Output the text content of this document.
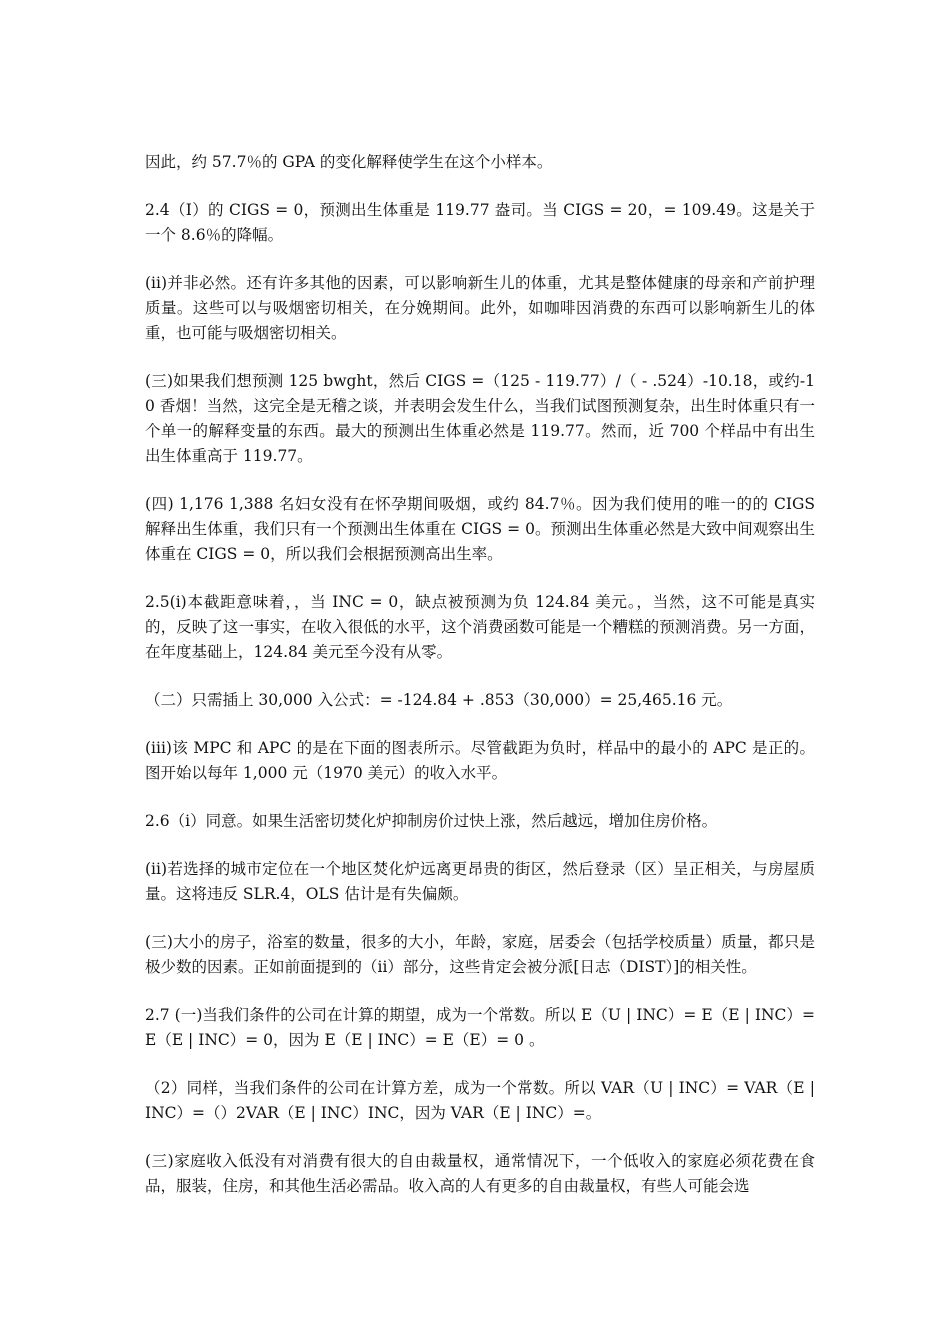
因此，约 57.7％的 GPA 的变化解释使学生在这个小样本。

2.4（I）的 CIGS = 0，预测出生体重是 119.77 盎司。当 CIGS = 20，= 109.49。这是关于一个 8.6％的降幅。

(ii)并非必然。还有许多其他的因素，可以影响新生儿的体重，尤其是整体健康的母亲和产前护理质量。这些可以与吸烟密切相关，在分娩期间。此外，如咖啡因消费的东西可以影响新生儿的体重，也可能与吸烟密切相关。

(三)如果我们想预测 125 bwght，然后 CIGS =（125 - 119.77）/（ - .524）-10.18，或约-10 香烟！当然，这完全是无稽之谈，并表明会发生什么，当我们试图预测复杂，出生时体重只有一个单一的解释变量的东西。最大的预测出生体重必然是 119.77。然而，近 700 个样品中有出生出生体重高于 119.77。

(四) 1,176 1,388 名妇女没有在怀孕期间吸烟，或约 84.7％。因为我们使用的唯一的的 CIGS 解释出生体重，我们只有一个预测出生体重在 CIGS = 0。预测出生体重必然是大致中间观察出生体重在 CIGS = 0，所以我们会根据预测高出生率。

2.5(i)本截距意味着，，当 INC = 0，缺点被预测为负 124.84 美元。，当然，这不可能是真实的，反映了这一事实，在收入很低的水平，这个消费函数可能是一个糟糕的预测消费。另一方面，在年度基础上，124.84 美元至今没有从零。

（二）只需插上 30,000 入公式：= -124.84 + .853（30,000）= 25,465.16 元。

(iii)该 MPC 和 APC 的是在下面的图表所示。尽管截距为负时，样品中的最小的 APC 是正的。图开始以每年 1,000 元（1970 美元）的收入水平。

2.6（i）同意。如果生活密切焚化炉抑制房价过快上涨，然后越远，增加住房价格。

(ii)若选择的城市定位在一个地区焚化炉远离更昂贵的街区，然后登录（区）呈正相关，与房屋质量。这将违反 SLR.4，OLS 估计是有失偏颇。

(三)大小的房子，浴室的数量，很多的大小，年龄，家庭，居委会（包括学校质量）质量，都只是极少数的因素。正如前面提到的（ii）部分，这些肯定会被分派[日志（DIST）]的相关性。

2.7 (一)当我们条件的公司在计算的期望，成为一个常数。所以 E（U | INC）= E（E | INC）= E（E | INC）= 0，因为 E（E | INC）= E（E）= 0 。

（2）同样，当我们条件的公司在计算方差，成为一个常数。所以 VAR（U | INC）= VAR（E | INC）=（）2VAR（E | INC）INC，因为 VAR（E | INC）=。

(三)家庭收入低没有对消费有很大的自由裁量权，通常情况下，一个低收入的家庭必须花费在食品，服装，住房，和其他生活必需品。收入高的人有更多的自由裁量权，有些人可能会选
